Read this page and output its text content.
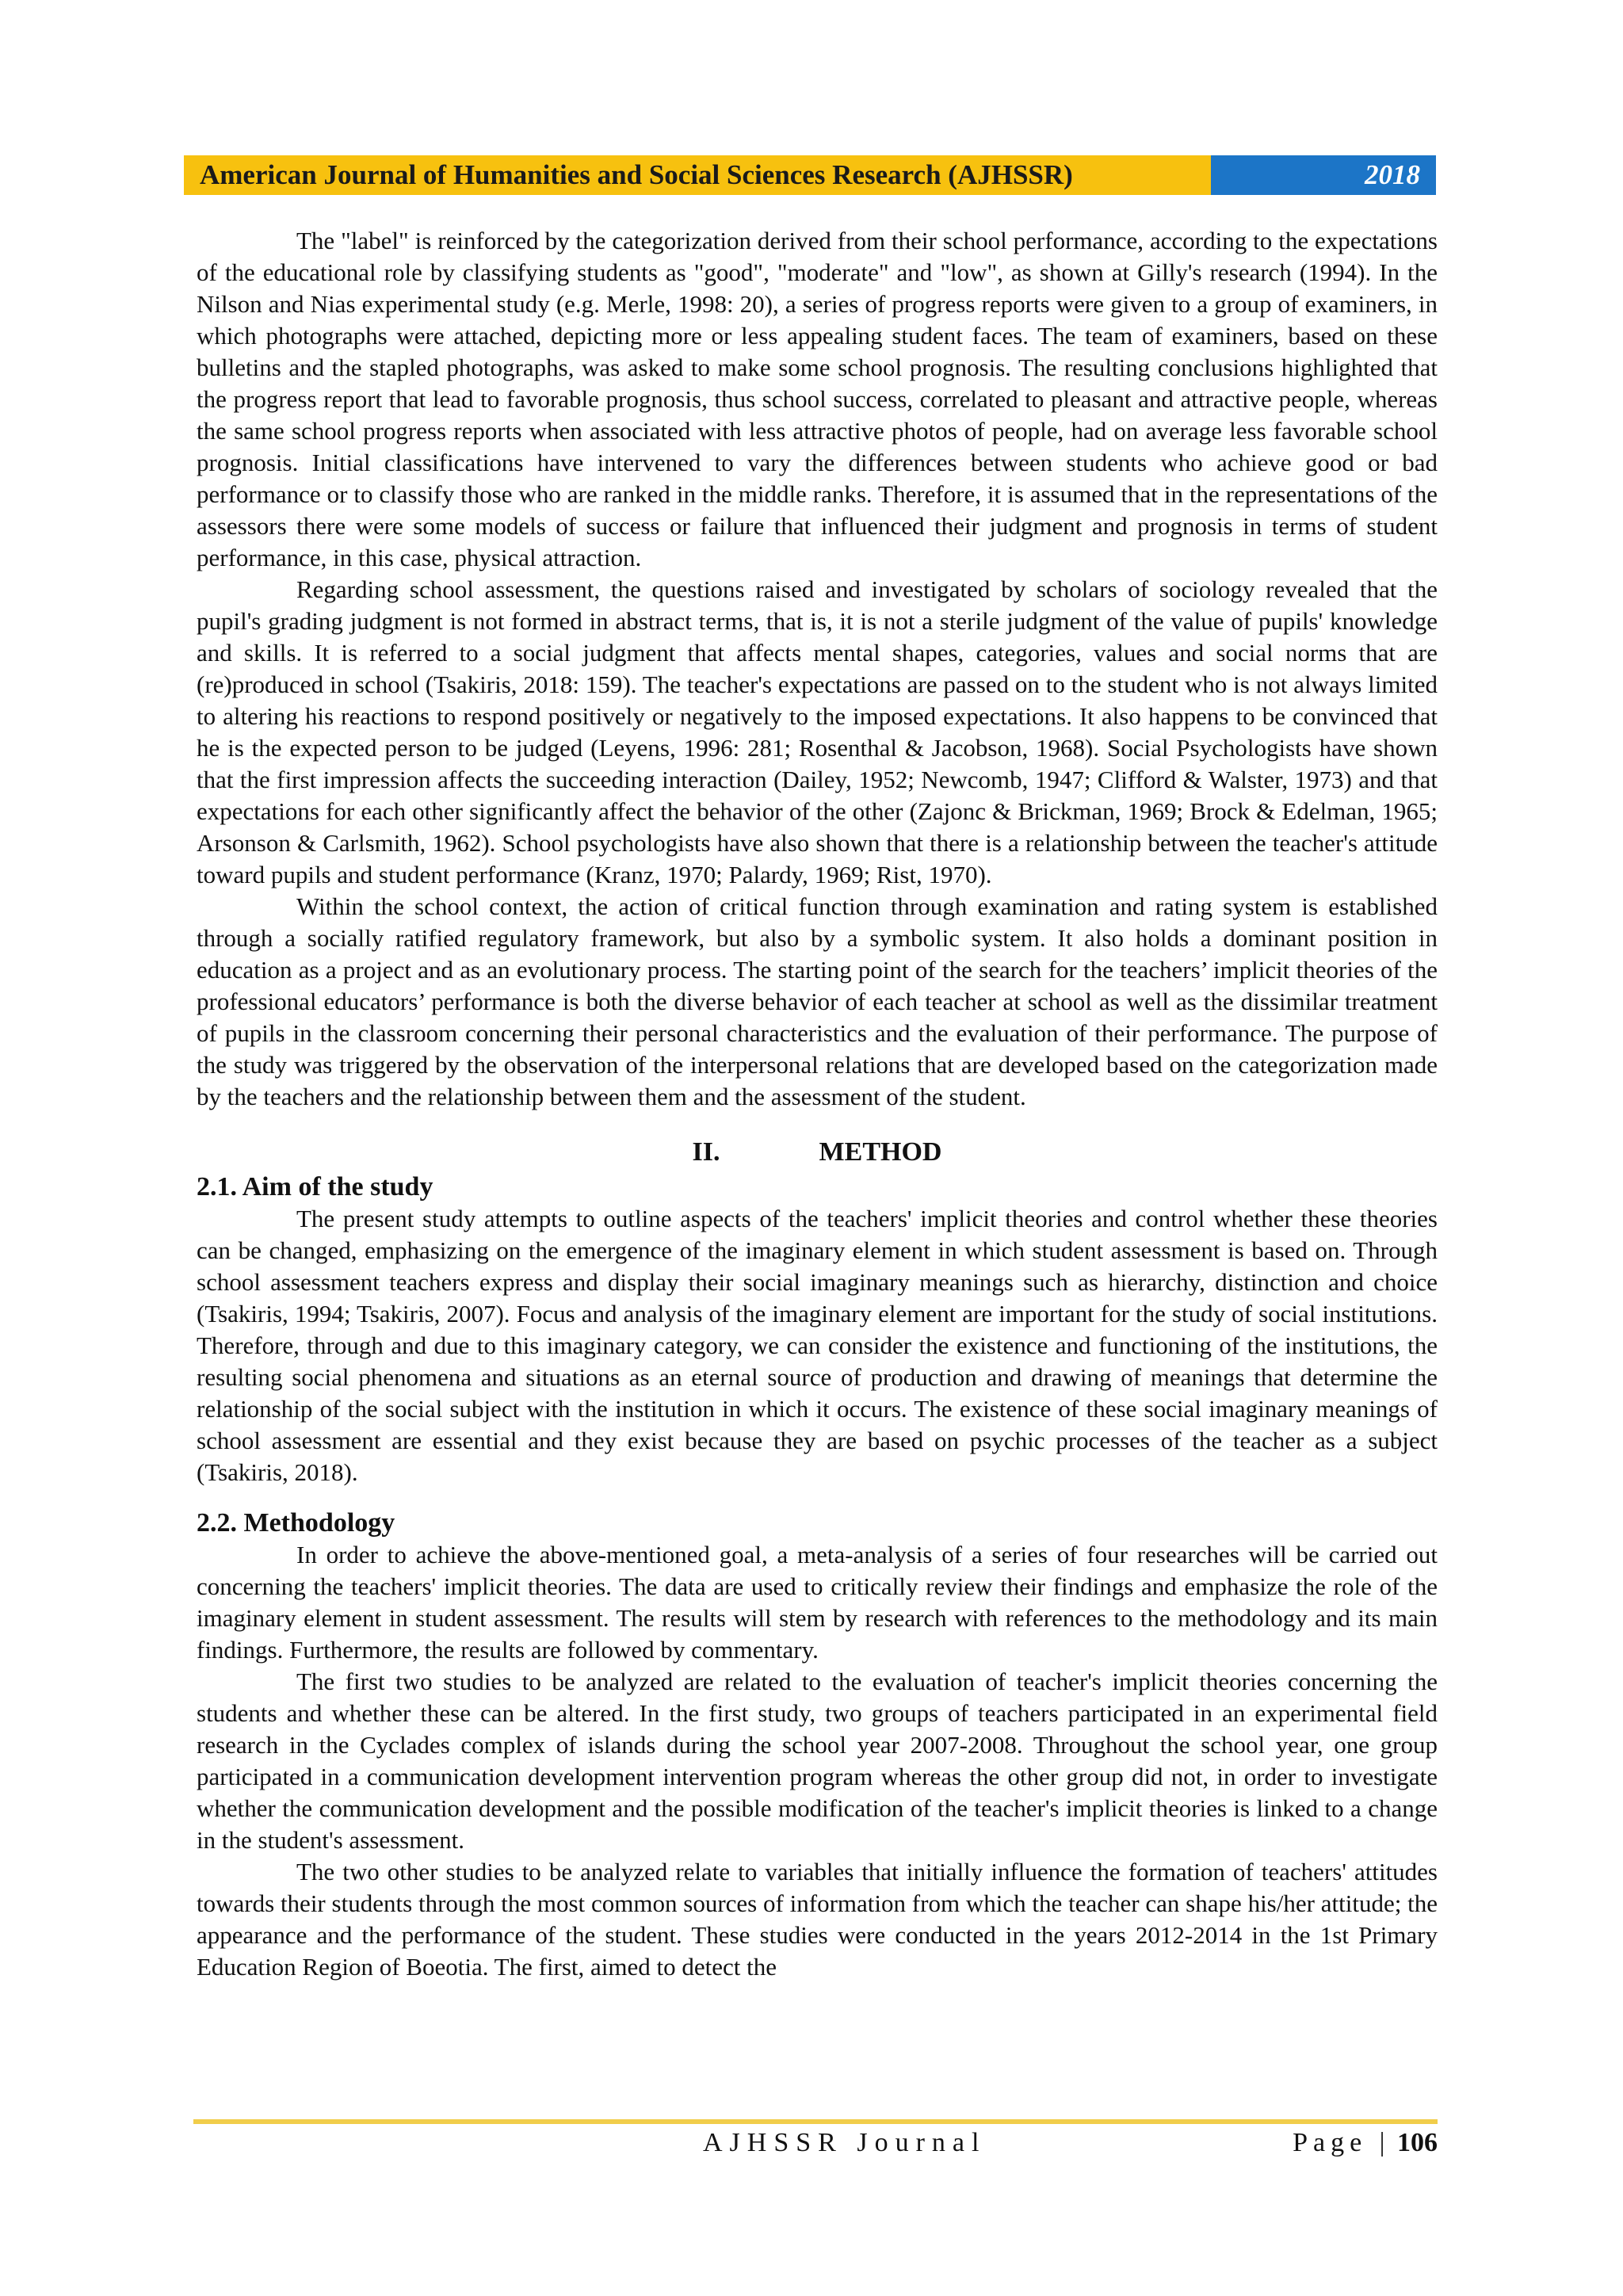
American Journal of Humanities and Social Sciences Research (AJHSSR)	2018

The "label" is reinforced by the categorization derived from their school performance, according to the expectations of the educational role by classifying students as "good", "moderate" and "low", as shown at Gilly's research (1994). In the Nilson and Nias experimental study (e.g. Merle, 1998: 20), a series of progress reports were given to a group of examiners, in which photographs were attached, depicting more or less appealing student faces. The team of examiners, based on these bulletins and the stapled photographs, was asked to make some school prognosis. The resulting conclusions highlighted that the progress report that lead to favorable prognosis, thus school success, correlated to pleasant and attractive people, whereas the same school progress reports when associated with less attractive photos of people, had on average less favorable school prognosis. Initial classifications have intervened to vary the differences between students who achieve good or bad performance or to classify those who are ranked in the middle ranks. Therefore, it is assumed that in the representations of the assessors there were some models of success or failure that influenced their judgment and prognosis in terms of student performance, in this case, physical attraction.

Regarding school assessment, the questions raised and investigated by scholars of sociology revealed that the pupil's grading judgment is not formed in abstract terms, that is, it is not a sterile judgment of the value of pupils' knowledge and skills. It is referred to a social judgment that affects mental shapes, categories, values and social norms that are (re)produced in school (Tsakiris, 2018: 159). The teacher's expectations are passed on to the student who is not always limited to altering his reactions to respond positively or negatively to the imposed expectations. It also happens to be convinced that he is the expected person to be judged (Leyens, 1996: 281; Rosenthal & Jacobson, 1968). Social Psychologists have shown that the first impression affects the succeeding interaction (Dailey, 1952; Newcomb, 1947; Clifford & Walster, 1973) and that expectations for each other significantly affect the behavior of the other (Zajonc & Brickman, 1969; Brock & Edelman, 1965; Arsonson & Carlsmith, 1962). School psychologists have also shown that there is a relationship between the teacher's attitude toward pupils and student performance (Kranz, 1970; Palardy, 1969; Rist, 1970).

Within the school context, the action of critical function through examination and rating system is established through a socially ratified regulatory framework, but also by a symbolic system. It also holds a dominant position in education as a project and as an evolutionary process. The starting point of the search for the teachers’ implicit theories of the professional educators’ performance is both the diverse behavior of each teacher at school as well as the dissimilar treatment of pupils in the classroom concerning their personal characteristics and the evaluation of their performance. The purpose of the study was triggered by the observation of the interpersonal relations that are developed based on the categorization made by the teachers and the relationship between them and the assessment of the student.

II.	METHOD
2.1. Aim of the study

The present study attempts to outline aspects of the teachers' implicit theories and control whether these theories can be changed, emphasizing on the emergence of the imaginary element in which student assessment is based on. Through school assessment teachers express and display their social imaginary meanings such as hierarchy, distinction and choice (Tsakiris, 1994; Tsakiris, 2007). Focus and analysis of the imaginary element are important for the study of social institutions. Therefore, through and due to this imaginary category, we can consider the existence and functioning of the institutions, the resulting social phenomena and situations as an eternal source of production and drawing of meanings that determine the relationship of the social subject with the institution in which it occurs. The existence of these social imaginary meanings of school assessment are essential and they exist because they are based on psychic processes of the teacher as a subject (Tsakiris, 2018).

2.2. Methodology

In order to achieve the above-mentioned goal, a meta-analysis of a series of four researches will be carried out concerning the teachers' implicit theories. The data are used to critically review their findings and emphasize the role of the imaginary element in student assessment. The results will stem by research with references to the methodology and its main findings. Furthermore, the results are followed by commentary.

The first two studies to be analyzed are related to the evaluation of teacher's implicit theories concerning the students and whether these can be altered. In the first study, two groups of teachers participated in an experimental field research in the Cyclades complex of islands during the school year 2007-2008. Throughout the school year, one group participated in a communication development intervention program whereas the other group did not, in order to investigate whether the communication development and the possible modification of the teacher's implicit theories is linked to a change in the student's assessment.

The two other studies to be analyzed relate to variables that initially influence the formation of teachers' attitudes towards their students through the most common sources of information from which the teacher can shape his/her attitude; the appearance and the performance of the student. These studies were conducted in the years 2012-2014 in the 1st Primary Education Region of Boeotia. The first, aimed to detect the

AJHSSR Journal	Page | 106
